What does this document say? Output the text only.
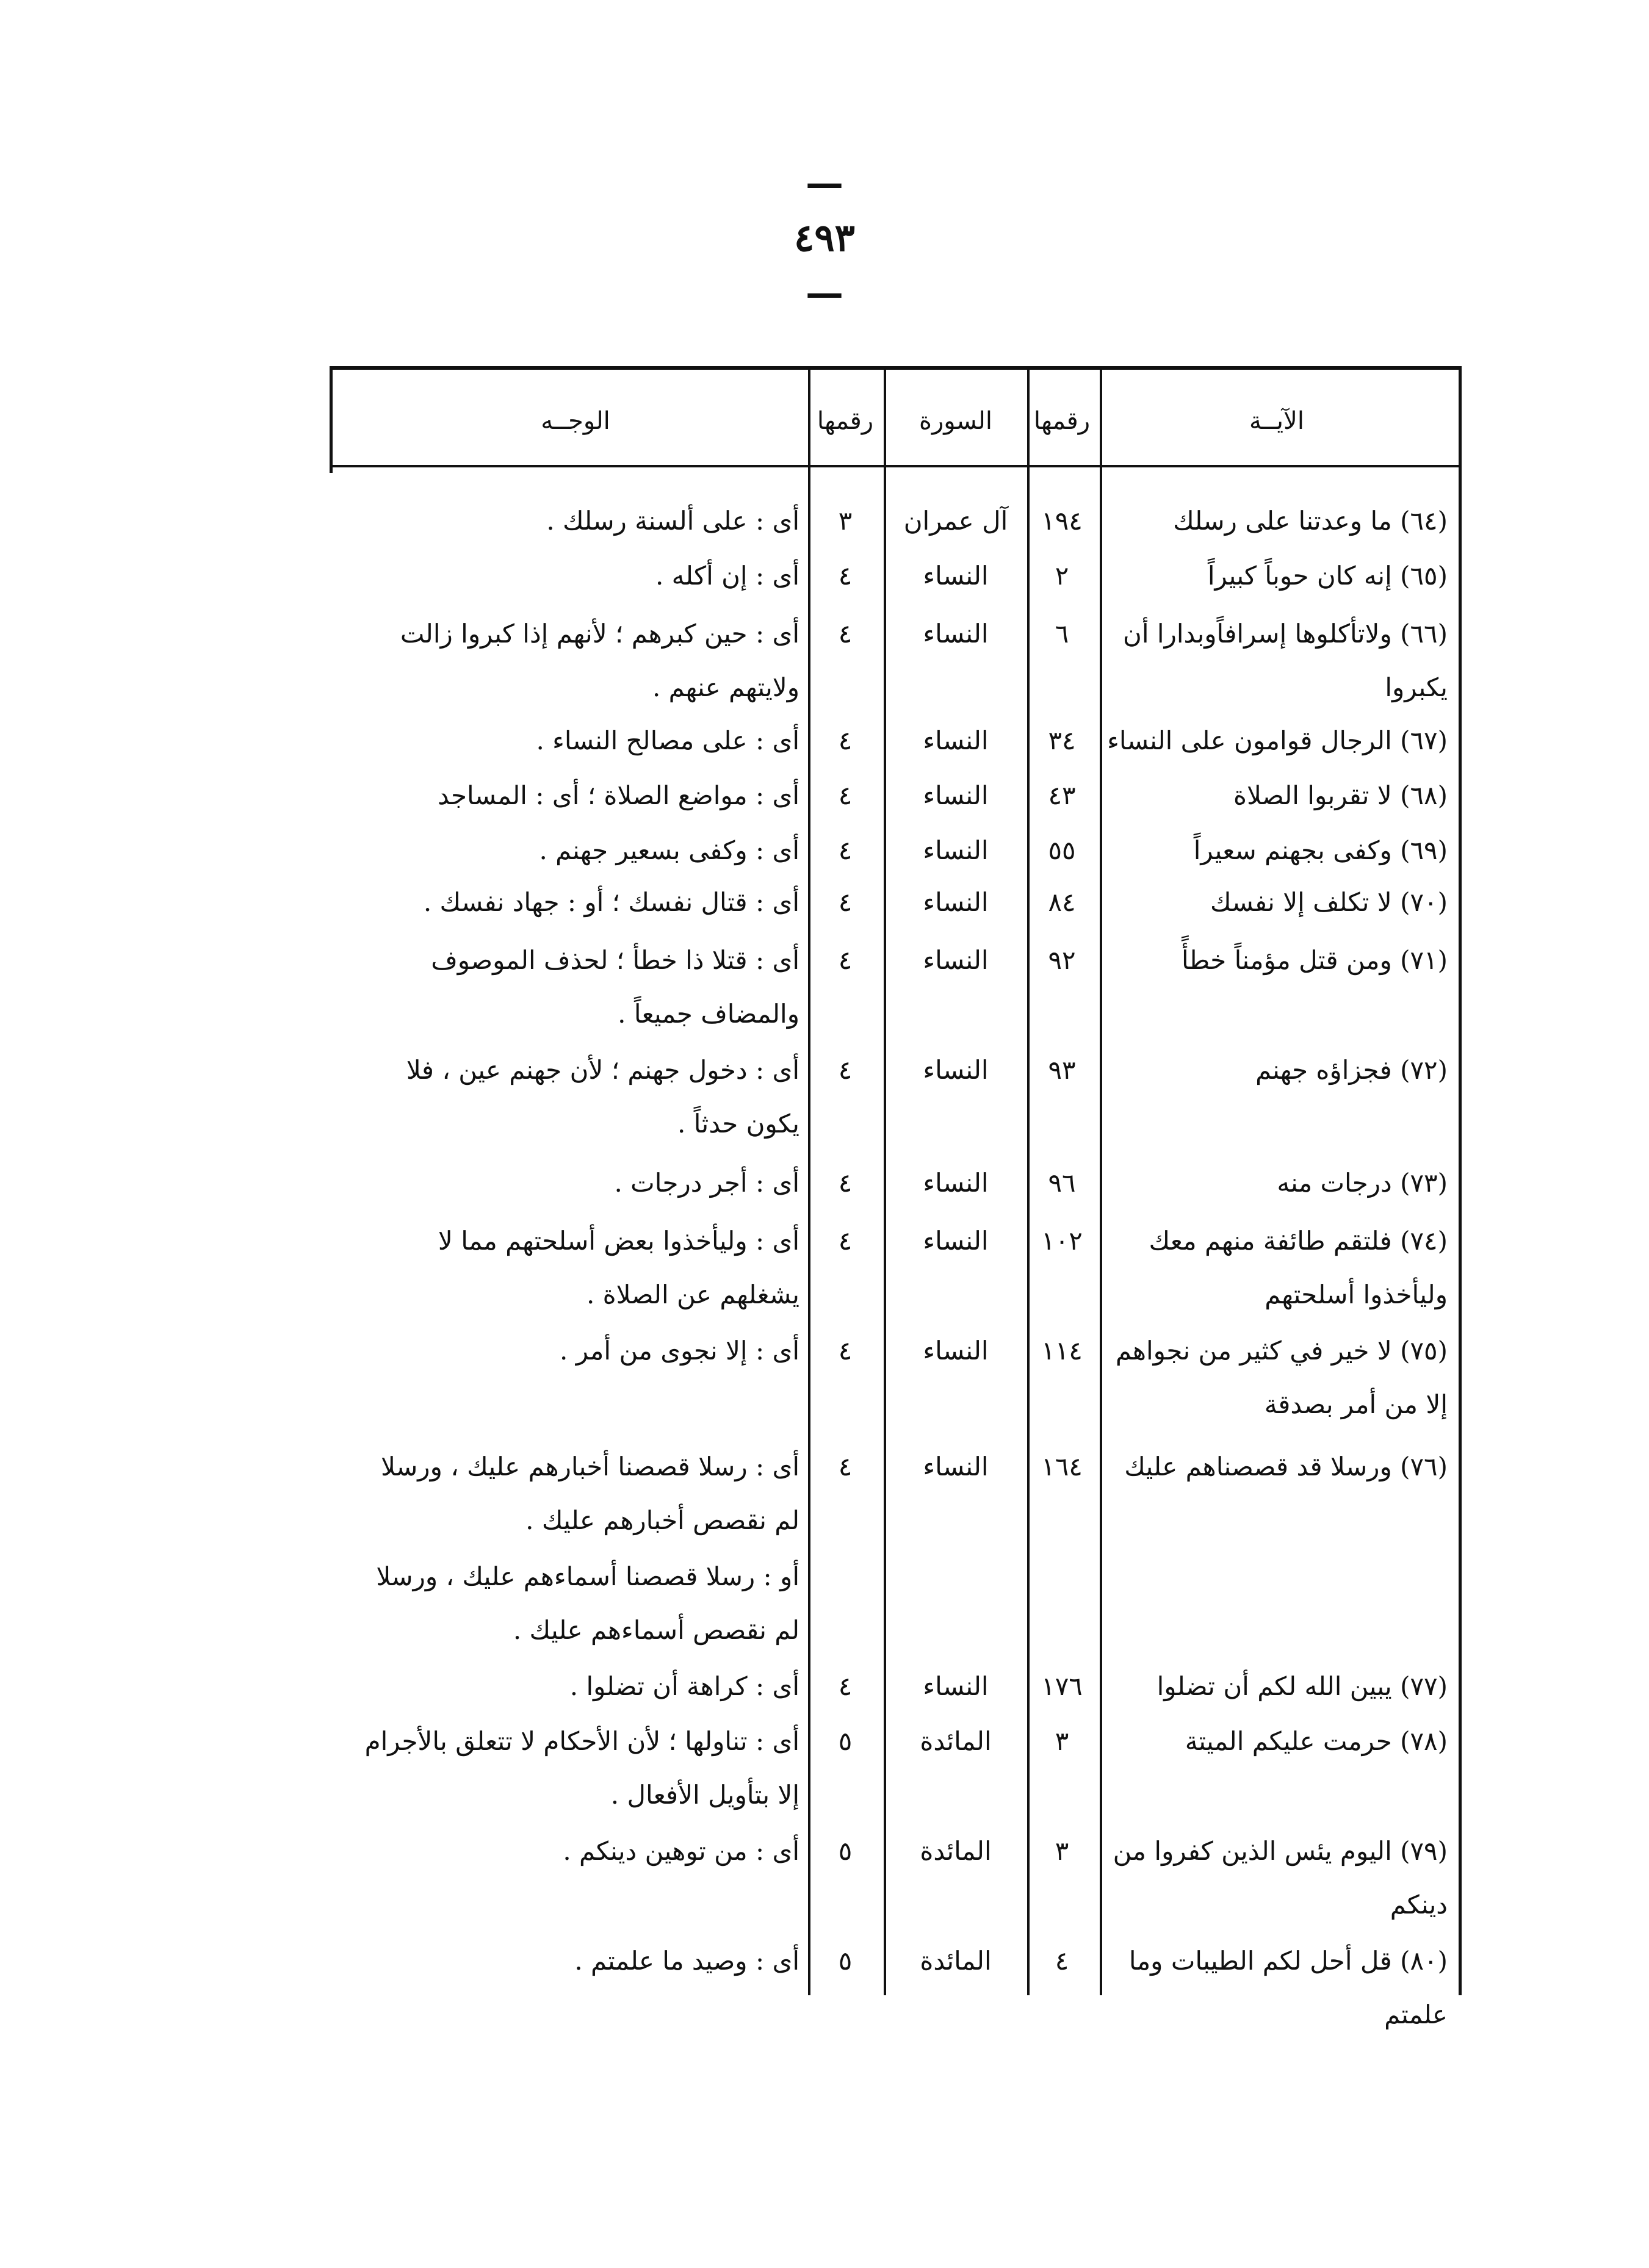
— ٤٩٣ —
الآيــة
رقمها
السورة
رقمها
الوجــه
(٦٤) ما وعدتنا على رسلك
١٩٤
آل عمران
٣
أى : على ألسنة رسلك .
(٦٥) إنه كان حوباً كبيراً
٢
النساء
٤
أى : إن أكله .
(٦٦) ولاتأكلوها إسرافاًوبدارا أن يكبروا
٦
النساء
٤
أى : حين كبرهم ؛ لأنهم إذا كبروا زالت ولايتهم عنهم .
(٦٧) الرجال قوامون على النساء
٣٤
النساء
٤
أى : على مصالح النساء .
(٦٨) لا تقربوا الصلاة
٤٣
النساء
٤
أى : مواضع الصلاة ؛ أى : المساجد
(٦٩) وكفى بجهنم سعيراً
٥٥
النساء
٤
أى : وكفى بسعير جهنم .
(٧٠) لا تكلف إلا نفسك
٨٤
النساء
٤
أى : قتال نفسك ؛ أو : جهاد نفسك .
(٧١) ومن قتل مؤمناً خطأً
٩٢
النساء
٤
أى : قتلا ذا خطأ ؛ لحذف الموصوف والمضاف جميعاً .
(٧٢) فجزاؤه جهنم
٩٣
النساء
٤
أى : دخول جهنم ؛ لأن جهنم عين ، فلا يكون حدثاً .
(٧٣) درجات منه
٩٦
النساء
٤
أى : أجر درجات .
(٧٤) فلتقم طائفة منهم معك وليأخذوا أسلحتهم
١٠٢
النساء
٤
أى : وليأخذوا بعض أسلحتهم مما لا يشغلهم عن الصلاة .
(٧٥) لا خير في كثير من نجواهم إلا من أمر بصدقة
١١٤
النساء
٤
أى : إلا نجوى من أمر .
(٧٦) ورسلا قد قصصناهم عليك
١٦٤
النساء
٤
أى : رسلا قصصنا أخبارهم عليك ، ورسلا لم نقصص أخبارهم عليك .
أو : رسلا قصصنا أسماءهم عليك ، ورسلا لم نقصص أسماءهم عليك .
(٧٧) يبين الله لكم أن تضلوا
١٧٦
النساء
٤
أى : كراهة أن تضلوا .
(٧٨) حرمت عليكم الميتة
٣
المائدة
٥
أى : تناولها ؛ لأن الأحكام لا تتعلق بالأجرام إلا بتأويل الأفعال .
(٧٩) اليوم يئس الذين كفروا من دينكم
٣
المائدة
٥
أى : من توهين دينكم .
(٨٠) قل أحل لكم الطيبات وما علمتم
٤
المائدة
٥
أى : وصيد ما علمتم .
